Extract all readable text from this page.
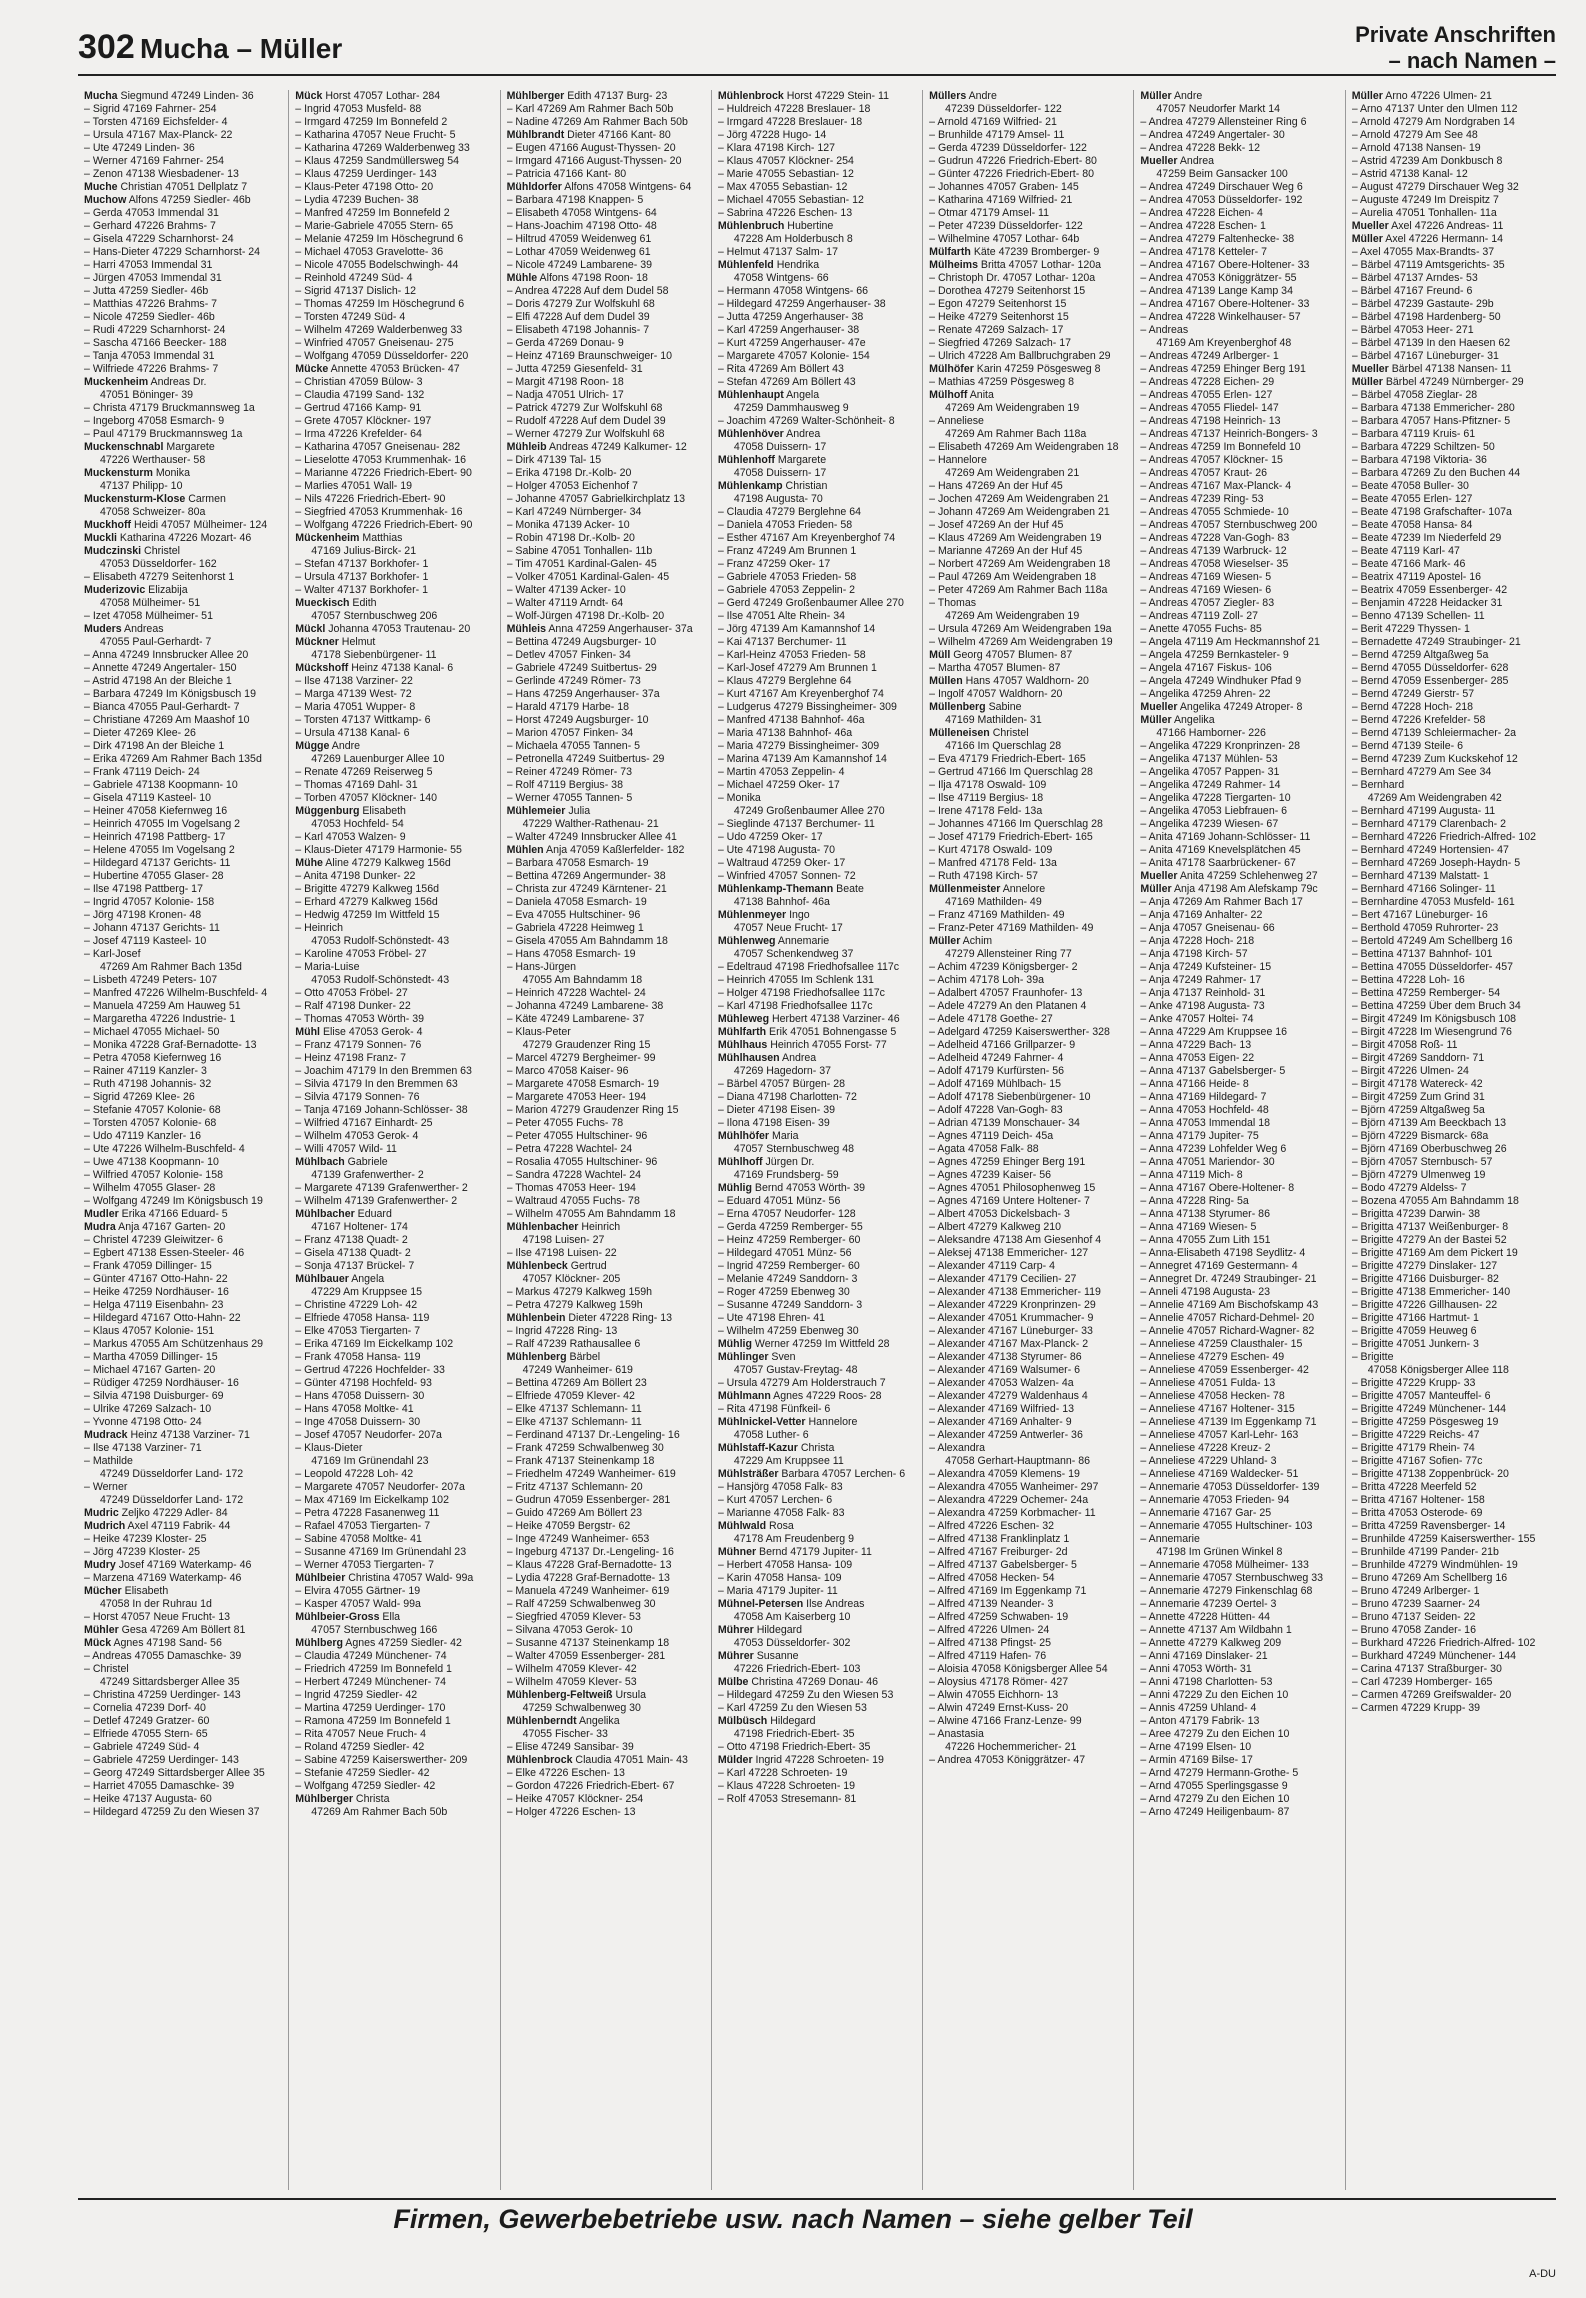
302 Mucha – Müller	Private Anschriften
– nach Namen –
Mucha Siegmund 47249 Linden- 36
– Sigrid 47169 Fahrner- 254
– Torsten 47169 Eichsfelder- 4
– Ursula 47167 Max-Planck- 22
– Ute 47249 Linden- 36
– Werner 47169 Fahrner- 254
– Zenon 47138 Wiesbadener- 13
Muche Christian 47051 Dellplatz 7
Muchow Alfons 47259 Siedler- 46b
– Gerda 47053 Immendal 31
– Gerhard 47226 Brahms- 7
– Gisela 47229 Scharnhorst- 24
– Hans-Dieter 47229 Scharnhorst- 24
– Harri 47053 Immendal 31
– Jürgen 47053 Immendal 31
– Jutta 47259 Siedler- 46b
– Matthias 47226 Brahms- 7
– Nicole 47259 Siedler- 46b
– Rudi 47229 Scharnhorst- 24
– Sascha 47166 Beecker- 188
– Tanja 47053 Immendal 31
– Wilfriede 47226 Brahms- 7
Muckenheim Andreas Dr.
47051 Böninger- 39
– Christa 47179 Bruckmannsweg 1a
– Ingeborg 47058 Esmarch- 9
– Paul 47179 Bruckmannsweg 1a
Muckenschnabl Margarete
47226 Werthauser- 58
Muckensturm Monika
47137 Philipp- 10
Muckensturm-Klose Carmen
47058 Schweizer- 80a
Muckhoff Heidi 47057 Mülheimer- 124
Muckli Katharina 47226 Mozart- 46
Mudczinski Christel
47053 Düsseldorfer- 162
– Elisabeth 47279 Seitenhorst 1
Muderizovic Elizabija
47058 Mülheimer- 51
– Izet 47058 Mülheimer- 51
Muders Andreas
47055 Paul-Gerhardt- 7
– Anna 47249 Innsbrucker Allee 20
– Annette 47249 Angertaler- 150
– Astrid 47198 An der Bleiche 1
– Barbara 47249 Im Königsbusch 19
– Bianca 47055 Paul-Gerhardt- 7
– Christiane 47269 Am Maashof 10
– Dieter 47269 Klee- 26
– Dirk 47198 An der Bleiche 1
– Erika 47269 Am Rahmer Bach 135d
– Frank 47119 Deich- 24
– Gabriele 47138 Koopmann- 10
– Gisela 47119 Kasteel- 10
– Heiner 47058 Kiefernweg 16
– Heinrich 47055 Im Vogelsang 2
– Heinrich 47198 Pattberg- 17
– Helene 47055 Im Vogelsang 2
– Hildegard 47137 Gerichts- 11
– Hubertine 47055 Glaser- 28
– Ilse 47198 Pattberg- 17
– Ingrid 47057 Kolonie- 158
– Jörg 47198 Kronen- 48
– Johann 47137 Gerichts- 11
– Josef 47119 Kasteel- 10
– Karl-Josef
47269 Am Rahmer Bach 135d
– Lisbeth 47249 Peters- 107
– Manfred 47226 Wilhelm-Buschfeld- 4
– Manuela 47259 Am Hauweg 51
– Margaretha 47226 Industrie- 1
– Michael 47055 Michael- 50
– Monika 47228 Graf-Bernadotte- 13
– Petra 47058 Kiefernweg 16
– Rainer 47119 Kanzler- 3
– Ruth 47198 Johannis- 32
– Sigrid 47269 Klee- 26
– Stefanie 47057 Kolonie- 68
– Torsten 47057 Kolonie- 68
– Udo 47119 Kanzler- 16
– Ute 47226 Wilhelm-Buschfeld- 4
– Uwe 47138 Koopmann- 10
– Wilfried 47057 Kolonie- 158
– Wilhelm 47055 Glaser- 28
– Wolfgang 47249 Im Königsbusch 19
Mudler Erika 47166 Eduard- 5
Mudra Anja 47167 Garten- 20
– Christel 47239 Gleiwitzer- 6
– Egbert 47138 Essen-Steeler- 46
– Frank 47059 Dillinger- 15
– Günter 47167 Otto-Hahn- 22
– Heike 47259 Nordhäuser- 16
– Helga 47119 Eisenbahn- 23
– Hildegard 47167 Otto-Hahn- 22
– Klaus 47057 Kolonie- 151
– Markus 47055 Am Schützenhaus 29
– Martha 47059 Dillinger- 15
– Michael 47167 Garten- 20
– Rüdiger 47259 Nordhäuser- 16
– Silvia 47198 Duisburger- 69
– Ulrike 47269 Salzach- 10
– Yvonne 47198 Otto- 24
Mudrack Heinz 47138 Varziner- 71
– Ilse 47138 Varziner- 71
– Mathilde
47249 Düsseldorfer Land- 172
– Werner
47249 Düsseldorfer Land- 172
Mudric Zeljko 47229 Adler- 84
Mudrich Axel 47119 Fabrik- 44
– Heike 47239 Kloster- 25
– Jörg 47239 Kloster- 25
Mudry Josef 47169 Waterkamp- 46
– Marzena 47169 Waterkamp- 46
Mücher Elisabeth
47058 In der Ruhrau 1d
– Horst 47057 Neue Frucht- 13
Mühler Gesa 47269 Am Böllert 81
Mück Agnes 47198 Sand- 56
– Andreas 47055 Damaschke- 39
– Christel
47249 Sittardsberger Allee 35
– Christina 47259 Uerdinger- 143
– Cornelia 47239 Dorf- 40
– Detlef 47249 Gratzer- 60
– Elfriede 47055 Stern- 65
– Gabriele 47249 Süd- 4
– Gabriele 47259 Uerdinger- 143
– Georg 47249 Sittardsberger Allee 35
– Harriet 47055 Damaschke- 39
– Heike 47137 Augusta- 60
– Hildegard 47259 Zu den Wiesen 37
Mück Horst 47057 Lothar- 284
– Ingrid 47053 Musfeld- 88
– Irmgard 47259 Im Bonnefeld 2
– Katharina 47057 Neue Frucht- 5
– Katharina 47269 Walderbenweg 33
– Klaus 47259 Sandmüllersweg 54
– Klaus 47259 Uerdinger- 143
– Klaus-Peter 47198 Otto- 20
– Lydia 47239 Buchen- 38
– Manfred 47259 Im Bonnefeld 2
– Marie-Gabriele 47055 Stern- 65
– Melanie 47259 Im Höschegrund 6
– Michael 47053 Gravelotte- 36
– Nicole 47055 Bodelschwingh- 44
– Reinhold 47249 Süd- 4
– Sigrid 47137 Dislich- 12
– Thomas 47259 Im Höschegrund 6
– Torsten 47249 Süd- 4
– Wilhelm 47269 Walderbenweg 33
– Winfried 47057 Gneisenau- 275
– Wolfgang 47059 Düsseldorfer- 220
Mücke Annette 47053 Brücken- 47
– Christian 47059 Bülow- 3
– Claudia 47199 Sand- 132
– Gertrud 47166 Kamp- 91
– Grete 47057 Klöckner- 197
– Irma 47226 Krefelder- 64
– Katharina 47057 Gneisenau- 282
– Lieselotte 47053 Krummenhak- 16
– Marianne 47226 Friedrich-Ebert- 90
– Marlies 47051 Wall- 19
– Nils 47226 Friedrich-Ebert- 90
– Siegfried 47053 Krummenhak- 16
– Wolfgang 47226 Friedrich-Ebert- 90
Mückenheim Matthias
47169 Julius-Birck- 21
– Stefan 47137 Borkhofer- 1
– Ursula 47137 Borkhofer- 1
– Walter 47137 Borkhofer- 1
Mueckisch Edith
47057 Sternbuschweg 206
Mückl Johanna 47053 Trautenau- 20
Mückner Helmut
47178 Siebenbürgener- 11
Mückshoff Heinz 47138 Kanal- 6
– Ilse 47138 Varziner- 22
– Marga 47139 West- 72
– Maria 47051 Wupper- 8
– Torsten 47137 Wittkamp- 6
– Ursula 47138 Kanal- 6
Mügge Andre
47269 Lauenburger Allee 10
– Renate 47269 Reiserweg 5
– Thomas 47169 Dahl- 31
– Torben 47057 Klöckner- 140
Müggenburg Elisabeth
47053 Hochfeld- 54
– Karl 47053 Walzen- 9
– Klaus-Dieter 47179 Harmonie- 55
Mühe Aline 47279 Kalkweg 156d
– Anita 47198 Dunker- 22
– Brigitte 47279 Kalkweg 156d
– Erhard 47279 Kalkweg 156d
– Hedwig 47259 Im Wittfeld 15
– Heinrich
47053 Rudolf-Schönstedt- 43
– Karoline 47053 Fröbel- 27
– Maria-Luise
47053 Rudolf-Schönstedt- 43
– Otto 47053 Fröbel- 27
– Ralf 47198 Dunker- 22
– Thomas 47053 Wörth- 39
Mühl Elise 47053 Gerok- 4
– Franz 47179 Sonnen- 76
– Heinz 47198 Franz- 7
– Joachim 47179 In den Bremmen 63
– Silvia 47179 In den Bremmen 63
– Silvia 47179 Sonnen- 76
– Tanja 47169 Johann-Schlösser- 38
– Wilfried 47167 Einhardt- 25
– Wilhelm 47053 Gerok- 4
– Willi 47057 Wild- 11
Mühlbach Gabriele
47139 Grafenwerther- 2
– Margarete 47139 Grafenwerther- 2
– Wilhelm 47139 Grafenwerther- 2
Mühlbacher Eduard
47167 Holtener- 174
– Franz 47138 Quadt- 2
– Gisela 47138 Quadt- 2
– Sonja 47137 Brückel- 7
Mühlbauer Angela
47229 Am Kruppsee 15
– Christine 47229 Loh- 42
– Elfriede 47058 Hansa- 119
– Elke 47053 Tiergarten- 7
– Erika 47169 Im Eickelkamp 102
– Frank 47058 Hansa- 119
– Gertrud 47226 Hochfelder- 33
– Günter 47198 Hochfeld- 93
– Hans 47058 Duissern- 30
– Hans 47058 Moltke- 41
– Inge 47058 Duissern- 30
– Josef 47057 Neudorfer- 207a
– Klaus-Dieter
47169 Im Grünendahl 23
– Leopold 47228 Loh- 42
– Margarete 47057 Neudorfer- 207a
– Max 47169 Im Eickelkamp 102
– Petra 47228 Fasanenweg 11
– Rafael 47053 Tiergarten- 7
– Sabine 47058 Moltke- 41
– Susanne 47169 Im Grünendahl 23
– Werner 47053 Tiergarten- 7
Mühlbeier Christina 47057 Wald- 99a
– Elvira 47055 Gärtner- 19
– Kasper 47057 Wald- 99a
Mühlbeier-Gross Ella
47057 Sternbuschweg 166
Mühlberg Agnes 47259 Siedler- 42
– Claudia 47249 Münchener- 74
– Friedrich 47259 Im Bonnefeld 1
– Herbert 47249 Münchener- 74
– Ingrid 47259 Siedler- 42
– Martina 47259 Uerdinger- 170
– Ramona 47259 Im Bonnefeld 1
– Rita 47057 Neue Fruch- 4
– Roland 47259 Siedler- 42
– Sabine 47259 Kaiserswerther- 209
– Stefanie 47259 Siedler- 42
– Wolfgang 47259 Siedler- 42
Mühlberger Christa
47269 Am Rahmer Bach 50b
Mühlberger Edith 47137 Burg- 23
– Karl 47269 Am Rahmer Bach 50b
– Nadine 47269 Am Rahmer Bach 50b
Mühlbrandt Dieter 47166 Kant- 80
– Eugen 47166 August-Thyssen- 20
– Irmgard 47166 August-Thyssen- 20
– Patricia 47166 Kant- 80
Mühldorfer Alfons 47058 Wintgens- 64
– Barbara 47198 Knappen- 5
– Elisabeth 47058 Wintgens- 64
– Hans-Joachim 47198 Otto- 48
– Hiltrud 47059 Weidenweg 61
– Lothar 47059 Weidenweg 61
– Nicole 47249 Lambarene- 39
Mühle Alfons 47198 Roon- 18
– Andrea 47228 Auf dem Dudel 58
– Doris 47279 Zur Wolfskuhl 68
– Elfi 47228 Auf dem Dudel 39
– Elisabeth 47198 Johannis- 7
– Gerda 47269 Donau- 9
– Heinz 47169 Braunschweiger- 10
– Jutta 47259 Giesenfeld- 31
– Margit 47198 Roon- 18
– Nadja 47051 Ulrich- 17
– Patrick 47279 Zur Wolfskuhl 68
– Rudolf 47228 Auf dem Dudel 39
– Werner 47279 Zur Wolfskuhl 68
Mühleib Andreas 47249 Kalkumer- 12
– Dirk 47139 Tal- 15
– Erika 47198 Dr.-Kolb- 20
– Holger 47053 Eichenhof 7
– Johanne 47057 Gabrielkirchplatz 13
– Karl 47249 Nürnberger- 34
– Monika 47139 Acker- 10
– Robin 47198 Dr.-Kolb- 20
– Sabine 47051 Tonhallen- 11b
– Tim 47051 Kardinal-Galen- 45
– Volker 47051 Kardinal-Galen- 45
– Walter 47139 Acker- 10
– Walter 47119 Arndt- 64
– Wolf-Jürgen 47198 Dr.-Kolb- 20
Mühleis Anna 47259 Angerhauser- 37a
– Bettina 47249 Augsburger- 10
– Detlev 47057 Finken- 34
– Gabriele 47249 Suitbertus- 29
– Gerlinde 47249 Römer- 73
– Hans 47259 Angerhauser- 37a
– Harald 47179 Harbe- 18
– Horst 47249 Augsburger- 10
– Marion 47057 Finken- 34
– Michaela 47055 Tannen- 5
– Petronella 47249 Suitbertus- 29
– Reiner 47249 Römer- 73
– Rolf 47119 Bergius- 38
– Werner 47055 Tannen- 5
Mühlemeier Julia
47229 Walther-Rathenau- 21
– Walter 47249 Innsbrucker Allee 41
Mühlen Anja 47059 Kaßlerfelder- 182
– Barbara 47058 Esmarch- 19
– Bettina 47269 Angermunder- 38
– Christa zur 47249 Kärntener- 21
– Daniela 47058 Esmarch- 19
– Eva 47055 Hultschiner- 96
– Gabriela 47228 Heimweg 1
– Gisela 47055 Am Bahndamm 18
– Hans 47058 Esmarch- 19
– Hans-Jürgen
47055 Am Bahndamm 18
– Heinrich 47228 Wachtel- 24
– Johanna 47249 Lambarene- 38
– Käte 47249 Lambarene- 37
– Klaus-Peter
47279 Graudenzer Ring 15
– Marcel 47279 Bergheimer- 99
– Marco 47058 Kaiser- 96
– Margarete 47058 Esmarch- 19
– Margarete 47053 Heer- 194
– Marion 47279 Graudenzer Ring 15
– Peter 47055 Fuchs- 78
– Peter 47055 Hultschiner- 96
– Petra 47228 Wachtel- 24
– Rosalia 47055 Hultschiner- 96
– Sandra 47228 Wachtel- 24
– Thomas 47053 Heer- 194
– Waltraud 47055 Fuchs- 78
– Wilhelm 47055 Am Bahndamm 18
Mühlenbacher Heinrich
47198 Luisen- 27
– Ilse 47198 Luisen- 22
Mühlenbeck Gertrud
47057 Klöckner- 205
– Markus 47279 Kalkweg 159h
– Petra 47279 Kalkweg 159h
Mühlenbein Dieter 47228 Ring- 13
– Ingrid 47228 Ring- 13
– Ralf 47239 Rathausallee 6
Mühlenberg Bärbel
47249 Wanheimer- 619
– Bettina 47269 Am Böllert 23
– Elfriede 47059 Klever- 42
– Elke 47137 Schlemann- 11
– Elke 47137 Schlemann- 11
– Ferdinand 47137 Dr.-Lengeling- 16
– Frank 47259 Schwalbenweg 30
– Frank 47137 Steinenkamp 18
– Friedhelm 47249 Wanheimer- 619
– Fritz 47137 Schlemann- 20
– Gudrun 47059 Essenberger- 281
– Guido 47269 Am Böllert 23
– Heike 47059 Bergstr- 62
– Inge 47249 Wanheimer- 653
– Ingeburg 47137 Dr.-Lengeling- 16
– Klaus 47228 Graf-Bernadotte- 13
– Lydia 47228 Graf-Bernadotte- 13
– Manuela 47249 Wanheimer- 619
– Ralf 47259 Schwalbenweg 30
– Siegfried 47059 Klever- 53
– Silvana 47053 Gerok- 10
– Susanne 47137 Steinenkamp 18
– Walter 47059 Essenberger- 281
– Wilhelm 47059 Klever- 42
– Wilhelm 47059 Klever- 53
Mühlenberg-Feltweiß Ursula
47259 Schwalbenweg 30
Mühlenberndt Angelika
47055 Fischer- 33
– Elise 47249 Sansibar- 39
Mühlenbrock Claudia 47051 Main- 43
– Elke 47226 Eschen- 13
– Gordon 47226 Friedrich-Ebert- 67
– Heike 47057 Klöckner- 254
– Holger 47226 Eschen- 13
Mühlenbrock Horst 47229 Stein- 11
– Huldreich 47228 Breslauer- 18
– Irmgard 47228 Breslauer- 18
– Jörg 47228 Hugo- 14
– Klara 47198 Kirch- 127
– Klaus 47057 Klöckner- 254
– Marie 47055 Sebastian- 12
– Max 47055 Sebastian- 12
– Michael 47055 Sebastian- 12
– Sabrina 47226 Eschen- 13
Mühlenbruch Hubertine
47228 Am Holderbusch 8
– Helmut 47137 Salm- 17
Mühlenfeld Hendrika
47058 Wintgens- 66
– Hermann 47058 Wintgens- 66
– Hildegard 47259 Angerhauser- 38
– Jutta 47259 Angerhauser- 38
– Karl 47259 Angerhauser- 38
– Kurt 47259 Angerhauser- 47e
– Margarete 47057 Kolonie- 154
– Rita 47269 Am Böllert 43
– Stefan 47269 Am Böllert 43
Mühlenhaupt Angela
47259 Dammhausweg 9
– Joachim 47269 Walter-Schönheit- 8
Mühlenhöver Andrea
47058 Duissern- 17
Mühlenhoff Margarete
47058 Duissern- 17
Mühlenkamp Christian
47198 Augusta- 70
– Claudia 47279 Berglehne 64
– Daniela 47053 Frieden- 58
– Esther 47167 Am Kreyenberghof 74
– Franz 47249 Am Brunnen 1
– Franz 47259 Oker- 17
– Gabriele 47053 Frieden- 58
– Gabriele 47053 Zeppelin- 2
– Gerd 47249 Großenbaumer Allee 270
– Ilse 47051 Alte Rhein- 34
– Jörg 47139 Am Kamannshof 14
– Kai 47137 Berchumer- 11
– Karl-Heinz 47053 Frieden- 58
– Karl-Josef 47279 Am Brunnen 1
– Klaus 47279 Berglehne 64
– Kurt 47167 Am Kreyenberghof 74
– Ludgerus 47279 Bissingheimer- 309
– Manfred 47138 Bahnhof- 46a
– Maria 47138 Bahnhof- 46a
– Maria 47279 Bissingheimer- 309
– Marina 47139 Am Kamannshof 14
– Martin 47053 Zeppelin- 4
– Michael 47259 Oker- 17
– Monika
47249 Großenbaumer Allee 270
– Sieglinde 47137 Berchumer- 11
– Udo 47259 Oker- 17
– Ute 47198 Augusta- 70
– Waltraud 47259 Oker- 17
– Winfried 47057 Sonnen- 72
Mühlenkamp-Themann Beate
47138 Bahnhof- 46a
Mühlenmeyer Ingo
47057 Neue Frucht- 17
Mühlenweg Annemarie
47057 Schenkendweg 37
– Edeltraud 47198 Friedhofsallee 117c
– Heinrich 47055 Im Schlenk 131
– Holger 47198 Friedhofsallee 117c
– Karl 47198 Friedhofsallee 117c
Mühleweg Herbert 47138 Varziner- 46
Mühlfarth Erik 47051 Bohnengasse 5
Mühlhaus Heinrich 47055 Forst- 77
Mühlhausen Andrea
47269 Hagedorn- 37
– Bärbel 47057 Bürgen- 28
– Diana 47198 Charlotten- 72
– Dieter 47198 Eisen- 39
– Ilona 47198 Eisen- 39
Mühlhöfer Maria
47057 Sternbuschweg 48
Mühlhoff Jürgen Dr.
47169 Frundsberg- 59
Mühlig Bernd 47053 Wörth- 39
– Eduard 47051 Münz- 56
– Erna 47057 Neudorfer- 128
– Gerda 47259 Remberger- 55
– Heinz 47259 Remberger- 60
– Hildegard 47051 Münz- 56
– Ingrid 47259 Remberger- 60
– Melanie 47249 Sanddorn- 3
– Roger 47259 Ebenweg 30
– Susanne 47249 Sanddorn- 3
– Ute 47198 Ehren- 41
– Wilhelm 47259 Ebenweg 30
Mühlig Werner 47259 Im Wittfeld 28
Mühlinger Sven
47057 Gustav-Freytag- 48
– Ursula 47279 Am Holderstrauch 7
Mühlmann Agnes 47229 Roos- 28
– Rita 47198 Fünfkeil- 6
Mühlnickel-Vetter Hannelore
47058 Luther- 6
Mühlstaff-Kazur Christa
47229 Am Kruppsee 11
Mühlsträßer Barbara 47057 Lerchen- 6
– Hansjörg 47058 Falk- 83
– Kurt 47057 Lerchen- 6
– Marianne 47058 Falk- 83
Mühlwald Rosa
47178 Am Freudenberg 9
Mühner Bernd 47179 Jupiter- 11
– Herbert 47058 Hansa- 109
– Karin 47058 Hansa- 109
– Maria 47179 Jupiter- 11
Mühnel-Petersen Ilse Andreas
47058 Am Kaiserberg 10
Mührer Hildegard
47053 Düsseldorfer- 302
Mührer Susanne
47226 Friedrich-Ebert- 103
Mülbe Christina 47269 Donau- 46
– Hildegard 47259 Zu den Wiesen 53
– Karl 47259 Zu den Wiesen 53
Mülbüsch Hildegard
47198 Friedrich-Ebert- 35
– Otto 47198 Friedrich-Ebert- 35
Mülder Ingrid 47228 Schroeten- 19
– Karl 47228 Schroeten- 19
– Klaus 47228 Schroeten- 19
– Rolf 47053 Stresemann- 81
Müllers Andre
47239 Düsseldorfer- 122
– Arnold 47169 Wilfried- 21
– Brunhilde 47179 Amsel- 11
– Gerda 47239 Düsseldorfer- 122
– Gudrun 47226 Friedrich-Ebert- 80
– Günter 47226 Friedrich-Ebert- 80
– Johannes 47057 Graben- 145
– Katharina 47169 Wilfried- 21
– Otmar 47179 Amsel- 11
– Peter 47239 Düsseldorfer- 122
– Wilhelmine 47057 Lothar- 64b
Mülfarth Käte 47239 Bromberger- 9
Mülheims Britta 47057 Lothar- 120a
– Christoph Dr. 47057 Lothar- 120a
– Dorothea 47279 Seitenhorst 15
– Egon 47279 Seitenhorst 15
– Heike 47279 Seitenhorst 15
– Renate 47269 Salzach- 17
– Siegfried 47269 Salzach- 17
– Ulrich 47228 Am Ballbruchgraben 29
Mülhöfer Karin 47259 Pösgesweg 8
– Mathias 47259 Pösgesweg 8
Mülhoff Anita
47269 Am Weidengraben 19
– Anneliese
47269 Am Rahmer Bach 118a
– Elisabeth 47269 Am Weidengraben 18
– Hannelore
47269 Am Weidengraben 21
– Hans 47269 An der Huf 45
– Jochen 47269 Am Weidengraben 21
– Johann 47269 Am Weidengraben 21
– Josef 47269 An der Huf 45
– Klaus 47269 Am Weidengraben 19
– Marianne 47269 An der Huf 45
– Norbert 47269 Am Weidengraben 18
– Paul 47269 Am Weidengraben 18
– Peter 47269 Am Rahmer Bach 118a
– Thomas
47269 Am Weidengraben 19
– Ursula 47269 Am Weidengraben 19a
– Wilhelm 47269 Am Weidengraben 19
Müll Georg 47057 Blumen- 87
– Martha 47057 Blumen- 87
Müllen Hans 47057 Waldhorn- 20
– Ingolf 47057 Waldhorn- 20
Müllenberg Sabine
47169 Mathilden- 31
Mülleneisen Christel
47166 Im Querschlag 28
– Eva 47179 Friedrich-Ebert- 165
– Gertrud 47166 Im Querschlag 28
– Ilja 47178 Oswald- 109
– Ilse 47119 Bergius- 18
– Irene 47178 Feld- 13a
– Johannes 47166 Im Querschlag 28
– Josef 47179 Friedrich-Ebert- 165
– Kurt 47178 Oswald- 109
– Manfred 47178 Feld- 13a
– Ruth 47198 Kirch- 57
Müllenmeister Annelore
47169 Mathilden- 49
– Franz 47169 Mathilden- 49
– Franz-Peter 47169 Mathilden- 49
Müller Achim
47279 Allensteiner Ring 77
– Achim 47239 Königsberger- 2
– Achim 47178 Loh- 39a
– Adalbert 47057 Fraunhofer- 13
– Adele 47279 An den Platanen 4
– Adele 47178 Goethe- 27
– Adelgard 47259 Kaiserswerther- 328
– Adelheid 47166 Grillparzer- 9
– Adelheid 47249 Fahrner- 4
– Adolf 47179 Kurfürsten- 56
– Adolf 47169 Mühlbach- 15
– Adolf 47178 Siebenbürgener- 10
– Adolf 47228 Van-Gogh- 83
– Adrian 47139 Monschauer- 34
– Agnes 47119 Deich- 45a
– Agata 47058 Falk- 88
– Agnes 47259 Ehinger Berg 191
– Agnes 47239 Kaiser- 56
– Agnes 47051 Philosophenweg 15
– Agnes 47169 Untere Holtener- 7
– Albert 47053 Dickelsbach- 3
– Albert 47279 Kalkweg 210
– Aleksandre 47138 Am Giesenhof 4
– Aleksej 47138 Emmericher- 127
– Alexander 47119 Carp- 4
– Alexander 47179 Cecilien- 27
– Alexander 47138 Emmericher- 119
– Alexander 47229 Kronprinzen- 29
– Alexander 47051 Krummacher- 9
– Alexander 47167 Lüneburger- 33
– Alexander 47167 Max-Planck- 2
– Alexander 47138 Styrumer- 86
– Alexander 47169 Walsumer- 6
– Alexander 47053 Walzen- 4a
– Alexander 47279 Waldenhaus 4
– Alexander 47169 Wilfried- 13
– Alexander 47169 Anhalter- 9
– Alexander 47259 Antwerler- 36
– Alexandra
47058 Gerhart-Hauptmann- 86
– Alexandra 47059 Klemens- 19
– Alexandra 47055 Wanheimer- 297
– Alexandra 47229 Ochemer- 24a
– Alexandra 47259 Korbmacher- 11
– Alfred 47226 Eschen- 32
– Alfred 47138 Franklinplatz 1
– Alfred 47167 Freiburger- 2d
– Alfred 47137 Gabelsberger- 5
– Alfred 47058 Hecken- 54
– Alfred 47169 Im Eggenkamp 71
– Alfred 47139 Neander- 3
– Alfred 47259 Schwaben- 19
– Alfred 47226 Ulmen- 24
– Alfred 47138 Pfingst- 25
– Alfred 47119 Hafen- 76
– Aloisia 47058 Königsberger Allee 54
– Aloysius 47178 Römer- 427
– Alwin 47055 Eichhorn- 13
– Alwin 47249 Ernst-Kuss- 20
– Alwine 47166 Franz-Lenze- 99
– Anastasia
47226 Hochemmericher- 21
– Andrea 47053 Königgrätzer- 47
Müller Andre
47057 Neudorfer Markt 14
– Andrea 47279 Allensteiner Ring 6
– Andrea 47249 Angertaler- 30
– Andrea 47228 Bekk- 12
Mueller Andrea
47259 Beim Gansacker 100
– Andrea 47249 Dirschauer Weg 6
– Andrea 47053 Düsseldorfer- 192
– Andrea 47228 Eichen- 4
– Andrea 47228 Eschen- 1
– Andrea 47279 Faltenhecke- 38
– Andrea 47178 Ketteler- 7
– Andrea 47167 Obere-Holtener- 33
– Andrea 47053 Königgrätzer- 55
– Andrea 47139 Lange Kamp 34
– Andrea 47167 Obere-Holtener- 33
– Andrea 47228 Winkelhauser- 57
– Andreas
47169 Am Kreyenberghof 48
– Andreas 47249 Arlberger- 1
– Andreas 47259 Ehinger Berg 191
– Andreas 47228 Eichen- 29
– Andreas 47055 Erlen- 127
– Andreas 47055 Fliedel- 147
– Andreas 47198 Heinrich- 13
– Andreas 47137 Heinrich-Bongers- 3
– Andreas 47259 Im Bonnefeld 10
– Andreas 47057 Klöckner- 15
– Andreas 47057 Kraut- 26
– Andreas 47167 Max-Planck- 4
– Andreas 47239 Ring- 53
– Andreas 47055 Schmiede- 10
– Andreas 47057 Sternbuschweg 200
– Andreas 47228 Van-Gogh- 83
– Andreas 47139 Warbruck- 12
– Andreas 47058 Wieselser- 35
– Andreas 47169 Wiesen- 5
– Andreas 47169 Wiesen- 6
– Andreas 47057 Ziegler- 83
– Andreas 47119 Zoll- 27
– Anette 47055 Fuchs- 85
– Angela 47119 Am Heckmannshof 21
– Angela 47259 Bernkasteler- 9
– Angela 47167 Fiskus- 106
– Angela 47249 Windhuker Pfad 9
– Angelika 47259 Ahren- 22
Mueller Angelika 47249 Atroper- 8
Müller Angelika
47166 Hamborner- 226
– Angelika 47229 Kronprinzen- 28
– Angelika 47137 Mühlen- 53
– Angelika 47057 Pappen- 31
– Angelika 47249 Rahmer- 14
– Angelika 47228 Tiergarten- 10
– Angelika 47053 Liebfrauen- 6
– Angelika 47239 Wiesen- 67
– Anita 47169 Johann-Schlösser- 11
– Anita 47169 Knevelsplätchen 45
– Anita 47178 Saarbrückener- 67
Mueller Anita 47259 Schlehenweg 27
Müller Anja 47198 Am Alefskamp 79c
– Anja 47269 Am Rahmer Bach 17
– Anja 47169 Anhalter- 22
– Anja 47057 Gneisenau- 66
– Anja 47228 Hoch- 218
– Anja 47198 Kirch- 57
– Anja 47249 Kufsteiner- 15
– Anja 47249 Rahmer- 17
– Anja 47137 Reinhold- 31
– Anke 47198 Augusta- 73
– Anke 47057 Holtei- 74
– Anna 47229 Am Kruppsee 16
– Anna 47229 Bach- 13
– Anna 47053 Eigen- 22
– Anna 47137 Gabelsberger- 5
– Anna 47166 Heide- 8
– Anna 47169 Hildegard- 7
– Anna 47053 Hochfeld- 48
– Anna 47053 Immendal 18
– Anna 47179 Jupiter- 75
– Anna 47239 Lohfelder Weg 6
– Anna 47051 Mariendor- 30
– Anna 47119 Mich- 8
– Anna 47167 Obere-Holtener- 8
– Anna 47228 Ring- 5a
– Anna 47138 Styrumer- 86
– Anna 47169 Wiesen- 5
– Anna 47055 Zum Lith 151
– Anna-Elisabeth 47198 Seydlitz- 4
– Annegret 47169 Gestermann- 4
– Annegret Dr. 47249 Straubinger- 21
– Anneli 47198 Augusta- 23
– Annelie 47169 Am Bischofskamp 43
– Annelie 47057 Richard-Dehmel- 20
– Annelie 47057 Richard-Wagner- 82
– Anneliese 47259 Clausthaler- 15
– Anneliese 47279 Eschen- 49
– Anneliese 47059 Essenberger- 42
– Anneliese 47051 Fulda- 13
– Anneliese 47058 Hecken- 78
– Anneliese 47167 Holtener- 315
– Anneliese 47139 Im Eggenkamp 71
– Anneliese 47057 Karl-Lehr- 163
– Anneliese 47228 Kreuz- 2
– Anneliese 47229 Uhland- 3
– Anneliese 47169 Waldecker- 51
– Annemarie 47053 Düsseldorfer- 139
– Annemarie 47053 Frieden- 94
– Annemarie 47167 Gar- 25
– Annemarie 47055 Hultschiner- 103
– Annemarie
47198 Im Grünen Winkel 8
– Annemarie 47058 Mülheimer- 133
– Annemarie 47057 Sternbuschweg 33
– Annemarie 47279 Finkenschlag 68
– Annemarie 47239 Oertel- 3
– Annette 47228 Hütten- 44
– Annette 47137 Am Wildbahn 1
– Annette 47279 Kalkweg 209
– Anni 47169 Dinslaker- 21
– Anni 47053 Wörth- 31
– Anni 47198 Charlotten- 53
– Anni 47229 Zu den Eichen 10
– Annis 47259 Uhland- 4
– Anton 47179 Fabrik- 13
– Aree 47279 Zu den Eichen 10
– Arne 47199 Elsen- 10
– Armin 47169 Bilse- 17
– Arnd 47279 Hermann-Grothe- 5
– Arnd 47055 Sperlingsgasse 9
– Arnd 47279 Zu den Eichen 10
– Arno 47249 Heiligenbaum- 87
Müller Arno 47226 Ulmen- 21
– Arno 47137 Unter den Ulmen 112
– Arnold 47279 Am Nordgraben 14
– Arnold 47279 Am See 48
– Arnold 47138 Nansen- 19
– Astrid 47239 Am Donkbusch 8
– Astrid 47138 Kanal- 12
– August 47279 Dirschauer Weg 32
– Auguste 47249 Im Dreispitz 7
– Aurelia 47051 Tonhallen- 11a
Mueller Axel 47226 Andreas- 11
Müller Axel 47226 Hermann- 14
– Axel 47055 Max-Brandts- 37
– Bärbel 47119 Amtsgerichts- 35
– Bärbel 47137 Arndes- 53
– Bärbel 47167 Freund- 6
– Bärbel 47239 Gastaute- 29b
– Bärbel 47198 Hardenberg- 50
– Bärbel 47053 Heer- 271
– Bärbel 47139 In den Haesen 62
– Bärbel 47167 Lüneburger- 31
Mueller Bärbel 47138 Nansen- 11
Müller Bärbel 47249 Nürnberger- 29
– Bärbel 47058 Zieglar- 28
– Barbara 47138 Emmericher- 280
– Barbara 47057 Hans-Pfitzner- 5
– Barbara 47119 Kruis- 61
– Barbara 47229 Schiltzen- 50
– Barbara 47198 Viktoria- 36
– Barbara 47269 Zu den Buchen 44
– Beate 47058 Buller- 30
– Beate 47055 Erlen- 127
– Beate 47198 Grafschafter- 107a
– Beate 47058 Hansa- 84
– Beate 47239 Im Niederfeld 29
– Beate 47119 Karl- 47
– Beate 47166 Mark- 46
– Beatrix 47119 Apostel- 16
– Beatrix 47059 Essenberger- 42
– Benjamin 47228 Heidacker 31
– Benno 47139 Schellen- 11
– Berit 47229 Thyssen- 1
– Bernadette 47249 Straubinger- 21
– Bernd 47259 Altgaßweg 5a
– Bernd 47055 Düsseldorfer- 628
– Bernd 47059 Essenberger- 285
– Bernd 47249 Gierstr- 57
– Bernd 47228 Hoch- 218
– Bernd 47226 Krefelder- 58
– Bernd 47139 Schleiermacher- 2a
– Bernd 47139 Steile- 6
– Bernd 47239 Zum Kuckskehof 12
– Bernhard 47279 Am See 34
– Bernhard
47269 Am Weidengraben 42
– Bernhard 47199 Augusta- 11
– Bernhard 47179 Clarenbach- 2
– Bernhard 47226 Friedrich-Alfred- 102
– Bernhard 47249 Hortensien- 47
– Bernhard 47269 Joseph-Haydn- 5
– Bernhard 47139 Malstatt- 1
– Bernhard 47166 Solinger- 11
– Bernhardine 47053 Musfeld- 161
– Bert 47167 Lüneburger- 16
– Berthold 47059 Ruhrorter- 23
– Bertold 47249 Am Schellberg 16
– Bettina 47137 Bahnhof- 101
– Bettina 47055 Düsseldorfer- 457
– Bettina 47228 Loh- 16
– Bettina 47259 Remberger- 54
– Bettina 47259 Über dem Bruch 34
– Birgit 47249 Im Königsbusch 108
– Birgit 47228 Im Wiesengrund 76
– Birgit 47058 Roß- 11
– Birgit 47269 Sanddorn- 71
– Birgit 47226 Ulmen- 24
– Birgit 47178 Watereck- 42
– Birgit 47259 Zum Grind 31
– Björn 47259 Altgaßweg 5a
– Björn 47139 Am Beeckbach 13
– Björn 47229 Bismarck- 68a
– Björn 47169 Oberbuschweg 26
– Björn 47057 Sternbusch- 57
– Björn 47279 Ulmenweg 19
– Bodo 47279 Aldelss- 7
– Bozena 47055 Am Bahndamm 18
– Brigitta 47239 Darwin- 38
– Brigitta 47137 Weißenburger- 8
– Brigitte 47279 An der Bastei 52
– Brigitte 47169 Am dem Pickert 19
– Brigitte 47279 Dinslaker- 127
– Brigitte 47166 Duisburger- 82
– Brigitte 47138 Emmericher- 140
– Brigitte 47226 Gillhausen- 22
– Brigitte 47166 Hartmut- 1
– Brigitte 47059 Heuweg 6
– Brigitte 47051 Junkern- 3
– Brigitte
47058 Königsberger Allee 118
– Brigitte 47229 Krupp- 33
– Brigitte 47057 Manteuffel- 6
– Brigitte 47249 Münchener- 144
– Brigitte 47259 Pösgesweg 19
– Brigitte 47229 Reichs- 47
– Brigitte 47179 Rhein- 74
– Brigitte 47167 Sofien- 77c
– Brigitte 47138 Zoppenbrück- 20
– Britta 47228 Meerfeld 52
– Britta 47167 Holtener- 158
– Britta 47053 Osterode- 69
– Britta 47259 Ravensberger- 14
– Brunhilde 47259 Kaiserswerther- 155
– Brunhilde 47199 Pander- 21b
– Brunhilde 47279 Windmühlen- 19
– Bruno 47269 Am Schellberg 16
– Bruno 47249 Arlberger- 1
– Bruno 47239 Saarner- 24
– Bruno 47137 Seiden- 22
– Bruno 47058 Zander- 16
– Burkhard 47226 Friedrich-Alfred- 102
– Burkhard 47249 Münchener- 144
– Carina 47137 Straßburger- 30
– Carl 47239 Homberger- 165
– Carmen 47269 Greifswalder- 20
– Carmen 47229 Krupp- 39
Firmen, Gewerbebetriebe usw. nach Namen – siehe gelber Teil
A-DU
